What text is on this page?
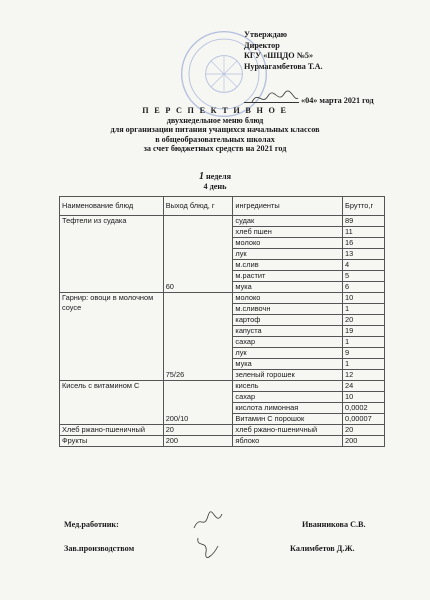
Утверждаю
Директор
КГУ «ШЦДО №5»
Нурмагамбетова Т.А.
«04» марта 2021 год
П Е Р С П Е К Т И В Н О Е
двухнедельное меню блюд
для организации питания учащихся начальных классов
в общеобразовательных школах
за счет бюджетных средств на 2021 год
1 неделя
4 день
Наименование блюд	Выход блюд, г	ингредиенты	Брутто,г
Тефтели из судака	60	судак	89
		хлеб пшен	11
		молоко	16
		лук	13
		м.слив	4
		м.растит	5
		мука	6
Гарнир: овоци в молочном соусе	75/26	молоко	10
		м.сливочн	1
		картоф	20
		капуста	19
		сахар	1
		лук	9
		мука	1
		зеленый горошек	12
Кисель с витамином С	200/10	кисель	24
		сахар	10
		кислота лимонная	0,0002
		Витамин С порошок	0,00007
Хлеб ржано-пшеничный	20	хлеб ржано-пшеничный	20
Фрукты	200	яблоко	200
Мед.работник:	Иванникова С.В.
Зав.производством	Калимбетов Д.Ж.
